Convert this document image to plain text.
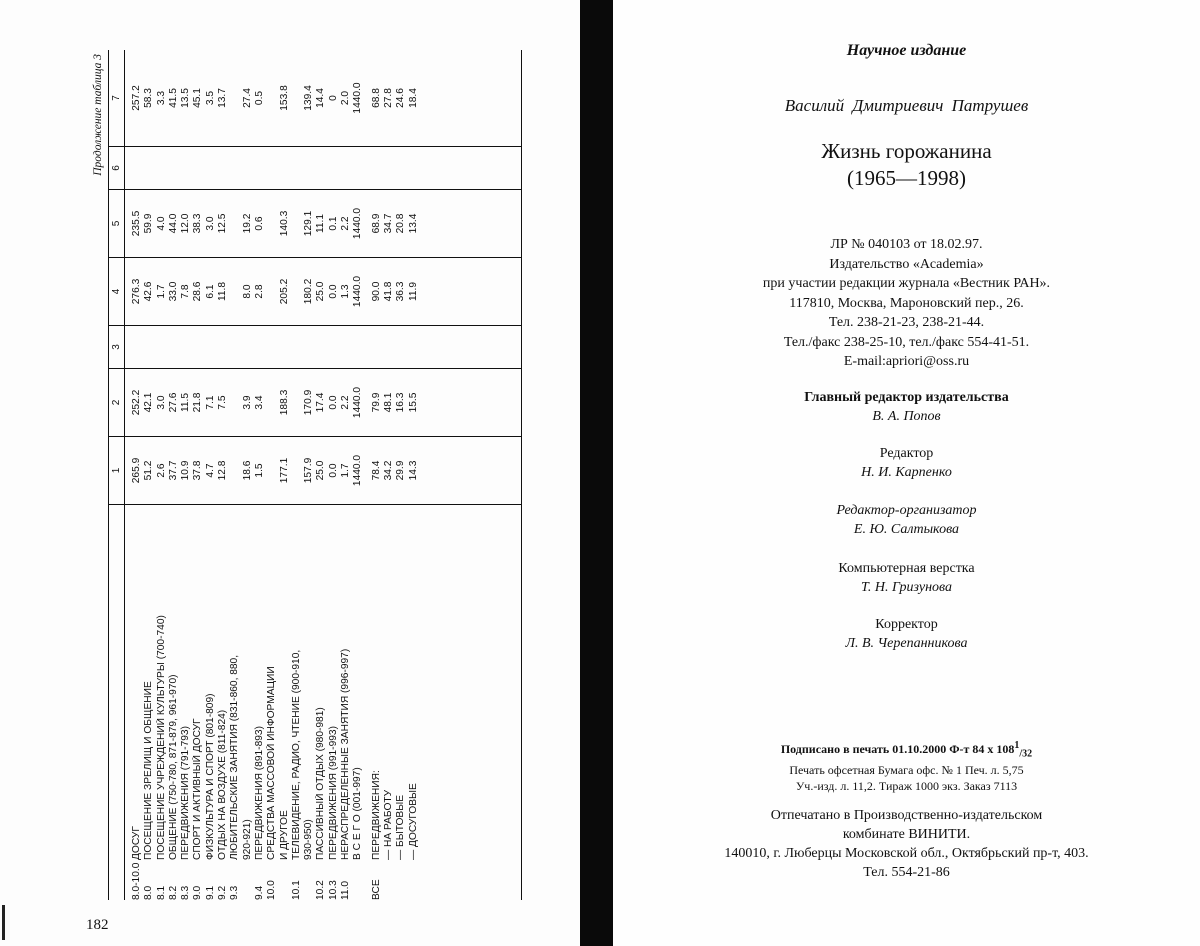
Продолжение таблица 3
1
2
3
4
5
6
7
8.0-10.0
ДОСУГ
8.0
ПОСЕЩЕНИЕ ЗРЕЛИЩ И ОБЩЕНИЕ
8.1
ПОСЕЩЕНИЕ УЧРЕЖДЕНИЙ КУЛЬТУРЫ (700-740)
8.2
ОБЩЕНИЕ (750-780, 871-879, 961-970)
8.3
ПЕРЕДВИЖЕНИЯ (791-793)
9.0
СПОРТ И АКТИВНЫЙ ДОСУГ
9.1
ФИЗКУЛЬТУРА И СПОРТ (801-809)
9.2
ОТДЫХ НА ВОЗДУХЕ (811-824)
9.3
ЛЮБИТЕЛЬСКИЕ ЗАНЯТИЯ (831-860, 880, 920-921)
9.4
ПЕРЕДВИЖЕНИЯ (891-893)
10.0
СРЕДСТВА МАССОВОЙ ИНФОРМАЦИИ И ДРУГОЕ
10.1
ТЕЛЕВИДЕНИЕ, РАДИО, ЧТЕНИЕ (900-910, 930-950)
10.2
ПАССИВНЫЙ ОТДЫХ (980-981)
10.3
ПЕРЕДВИЖЕНИЯ (991-993)
11.0
НЕРАСПРЕДЕЛЕННЫЕ ЗАНЯТИЯ (996-997) В С Е Г О (001-997)
ВСЕ
ПЕРЕДВИЖЕНИЯ: — НА РАБОТУ — БЫТОВЫЕ — ДОСУГОВЫЕ
265.9 51.2 2.6 37.7 10.9 37.8 4.7 12.8 18.6 1.5 177.1 157.9 25.0 0.0 1.7 1440.0 78.4 34.2 29.9 14.3
252.2 42.1 3.0 27.6 11.5 21.8 7.1 7.5 3.9 3.4 188.3 170.9 17.4 0.0 2.2 1440.0 79.9 48.1 16.3 15.5
276.3 42.6 1.7 33.0 7.8 28.6 6.1 11.8 8.0 2.8 205.2 180.2 25.0 0.0 1.3 1440.0 90.0 41.8 36.3 11.9
235.5 59.9 4.0 44.0 12.0 38.3 3.0 12.5 19.2 0.6 140.3 129.1 11.1 0.1 2.2 1440.0 68.9 34.7 20.8 13.4
257.2 58.3 3.3 41.5 13.5 45.1 3.5 13.7 27.4 0.5 153.8 139.4 14.4 0 2.0 1440.0 68.8 27.8 24.6 18.4
182
Научное издание
Василий Дмитриевич Патрушев
Жизнь горожанина
(1965—1998)
ЛР № 040103 от 18.02.97.
Издательство «Academia»
при участии редакции журнала «Вестник РАН».
117810, Москва, Мароновский пер., 26.
Тел. 238-21-23, 238-21-44.
Тел./факс 238-25-10, тел./факс 554-41-51.
E-mail:apriori@oss.ru
Главный редактор издательства
В. А. Попов
Редактор
Н. И. Карпенко
Редактор-организатор
Е. Ю. Салтыкова
Компьютерная верстка
Т. Н. Гризунова
Корректор
Л. В. Черепанникова
Подписано в печать 01.10.2000 Ф-т 84 x $108^1_{/32}$
Печать офсетная Бумага офс. № 1 Печ. л. 5,75
Уч.-изд. л. 11,2. Тираж 1000 экз. Заказ 7113
Отпечатано в Производственно-издательском
комбинате ВИНИТИ.
140010, г. Люберцы Московской обл., Октябрьский пр-т, 403.
Тел. 554-21-86
